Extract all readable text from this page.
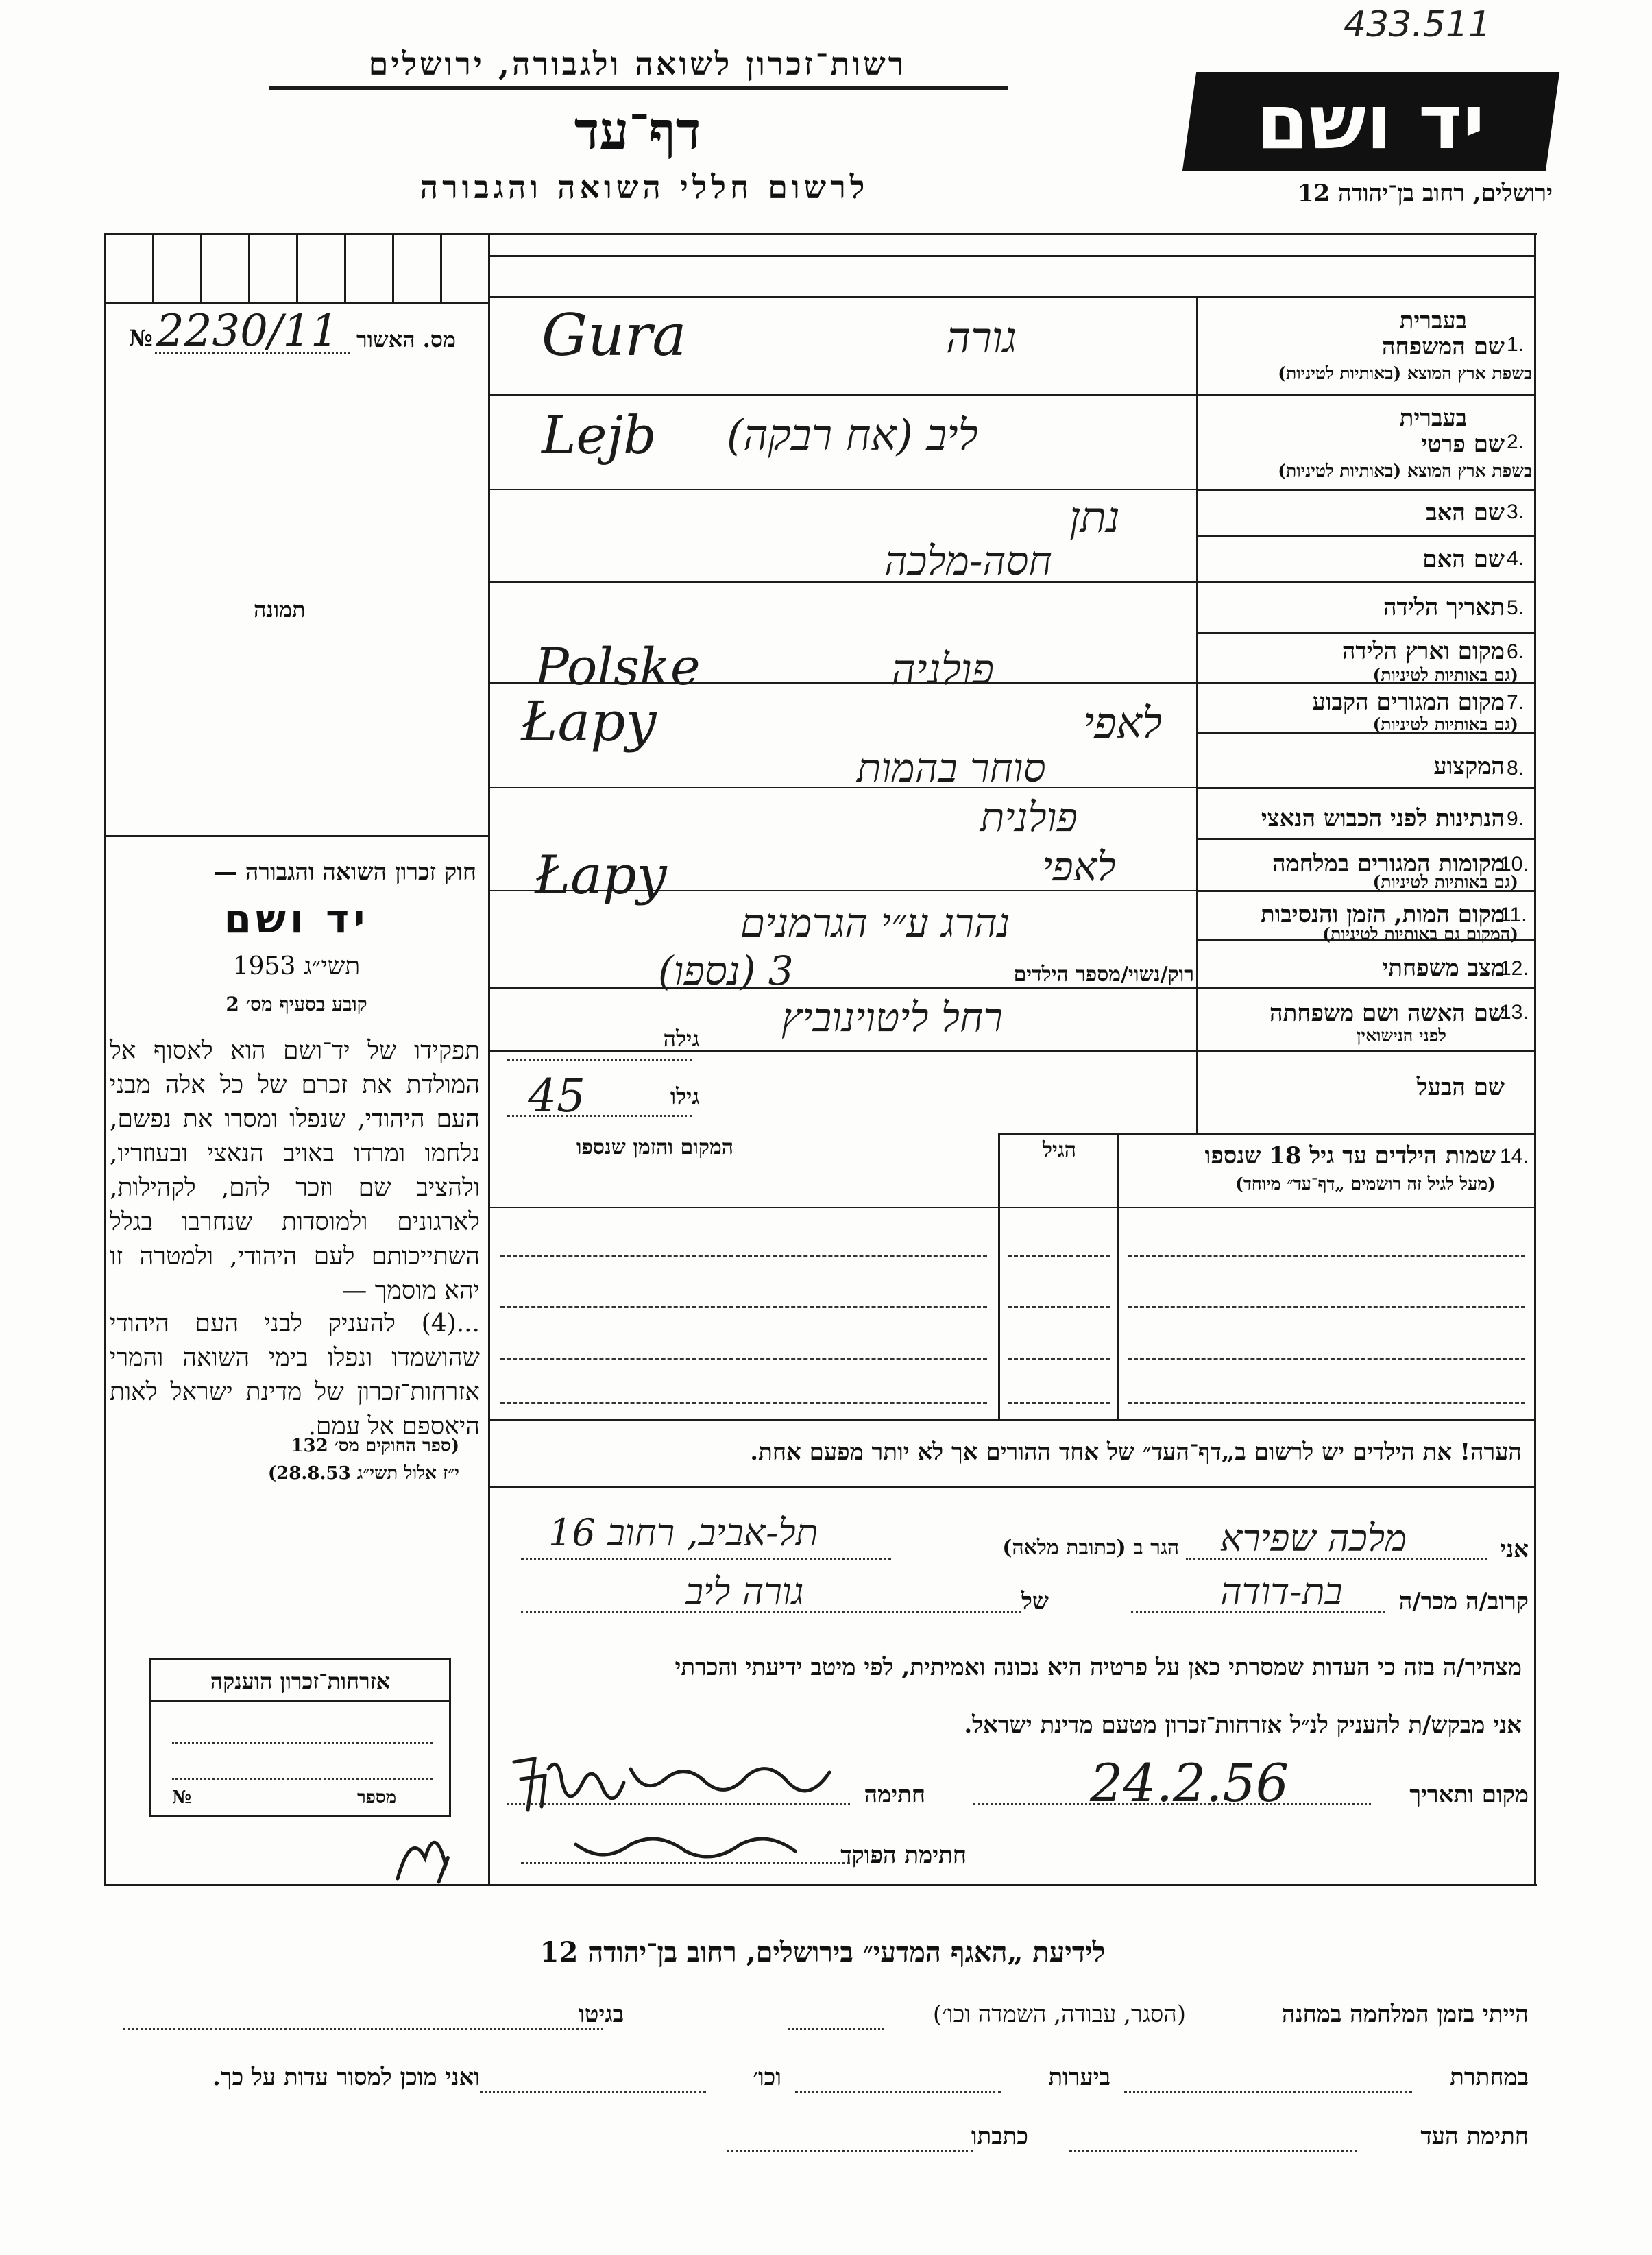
433.511
רשות־זכרון לשואה ולגבורה, ירושלים
דף־עד
לרשום חללי השואה והגבורה
יד ושם
ירושלים, רחוב בן־יהודה 12
מס. האשור
№ 2230/11
תמונה
חוק זכרון השואה והגבורה —
יד ושם
תשי״ג 1953
קובע בסעיף מס׳ 2
תפקידו של יד־ושם הוא לאסוף אל המולדת את זכרם של כל אלה מבני העם היהודי, שנפלו ומסרו את נפשם, נלחמו ומרדו באויב הנאצי ובעוזריו, ולהציב שם וזכר להם, לקהילות, לארגונים ולמוסדות שנחרבו בגלל השתייכותם לעם היהודי, ולמטרה זו יהא מוסמך —
...(4) להעניק לבני העם היהודי שהושמדו ונפלו בימי השואה והמרי אזרחות־זכרון של מדינת ישראל לאות היאספם אל עמם.
(ספר החוקים מס׳ 132
י״ז אלול תשי״ג 28.8.53)
אזרחות־זכרון הוענקה
מספר
№
1.
בעברית
שם המשפחה
בשפת ארץ המוצא (באותיות לטיניות)
Gura	גורה
2.
בעברית
שם פרטי
בשפת ארץ המוצא (באותיות לטיניות)
Lejb ליב (אח רבקה)
3.
שם האב
נתן
4.
שם האם
חסה-מלכה
5.
תאריך הלידה
6.
מקום וארץ הלידה
(גם באותיות לטיניות)
Polske	פולניה
7.
מקום המגורים הקבוע
(גם באותיות לטיניות)
Łapy	לאפי
8.
המקצוע
סוחר בהמות
9.
הנתינות לפני הכבוש הנאצי
פולנית
10.
מקומות המגורים במלחמה
(גם באותיות לטיניות)
Łapy	לאפי
11.
מקום המות, הזמן והנסיבות
(המקום גם באותיות לטיניות)
נהרג ע״י הגרמנים
12.
מצב משפחתי
רוק/נשוי/מספר הילדים
3 (נספו)
13.
שם האשה ושם משפחתה
לפני הנישואין
גילה רחל ליטוינוביץ
שם הבעל
גילו
45
14.
שמות הילדים עד גיל 18 שנספו
(מעל לגיל זה רושמים „דף־עד״ מיוחד)
הגיל
המקום והזמן שנספו
הערה! את הילדים יש לרשום ב„דף־העד״ של אחד ההורים אך לא יותר מפעם אחת.
אני
מלכה שפירא
הגר ב (כתובת מלאה)
תל-אביב, רחוב 16
קרוב/ה מכר/ה
בת-דודה
של
גורה ליב
מצהיר/ה בזה כי העדות שמסרתי כאן על פרטיה היא נכונה ואמיתית, לפי מיטב ידיעתי והכרתי
אני מבקש/ת להעניק לנ״ל אזרחות־זכרון מטעם מדינת ישראל.
מקום ותאריך
24.2.56
חתימה
חתימת הפוקד
לידיעת „האגף המדעי״ בירושלים, רחוב בן־יהודה 12
הייתי בזמן המלחמה במחנה
(הסגר, עבודה, השמדה וכו׳)
בגיטו
במחתרת
ביערות
וכו׳
ואני מוכן למסור עדות על כך.
חתימת העד
כתבתו
